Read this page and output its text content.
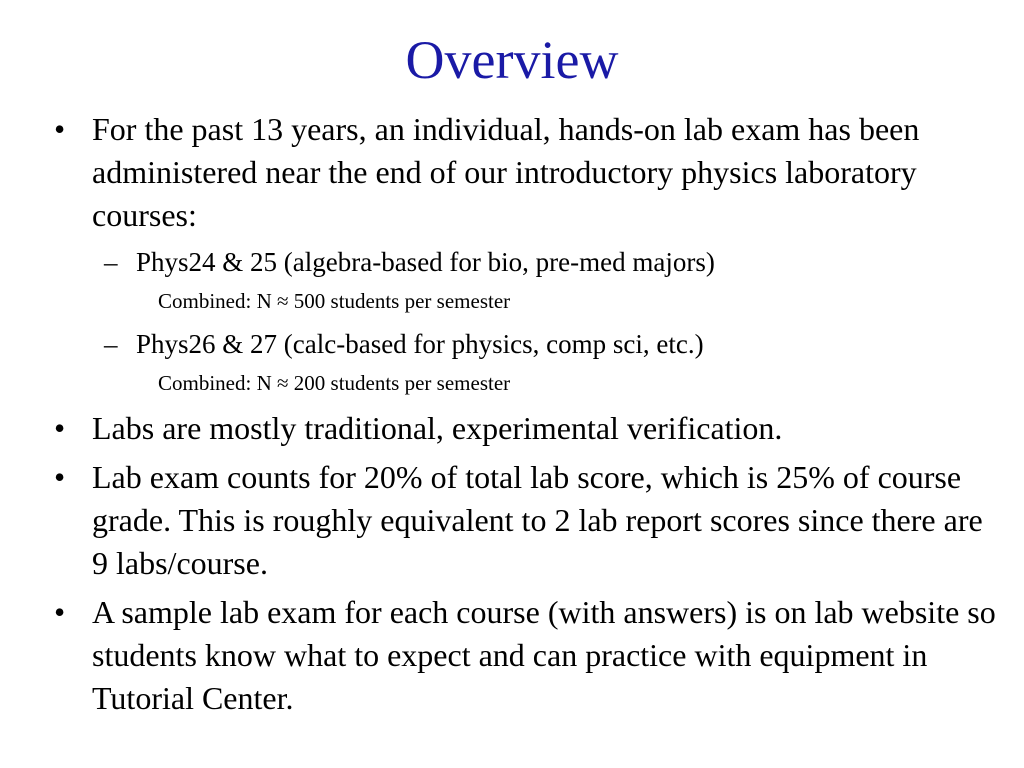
Overview
• For the past 13 years, an individual, hands-on lab exam has been administered near the end of our introductory physics laboratory courses:
– Phys24 & 25 (algebra-based for bio, pre-med majors)
Combined: N ≈ 500 students per semester
– Phys26 & 27 (calc-based for physics, comp sci, etc.)
Combined: N ≈ 200 students per semester
• Labs are mostly traditional, experimental verification.
• Lab exam counts for 20% of total lab score, which is 25% of course grade. This is roughly equivalent to 2 lab report scores since there are 9 labs/course.
• A sample lab exam for each course (with answers) is on lab website so students know what to expect and can practice with equipment in Tutorial Center.
